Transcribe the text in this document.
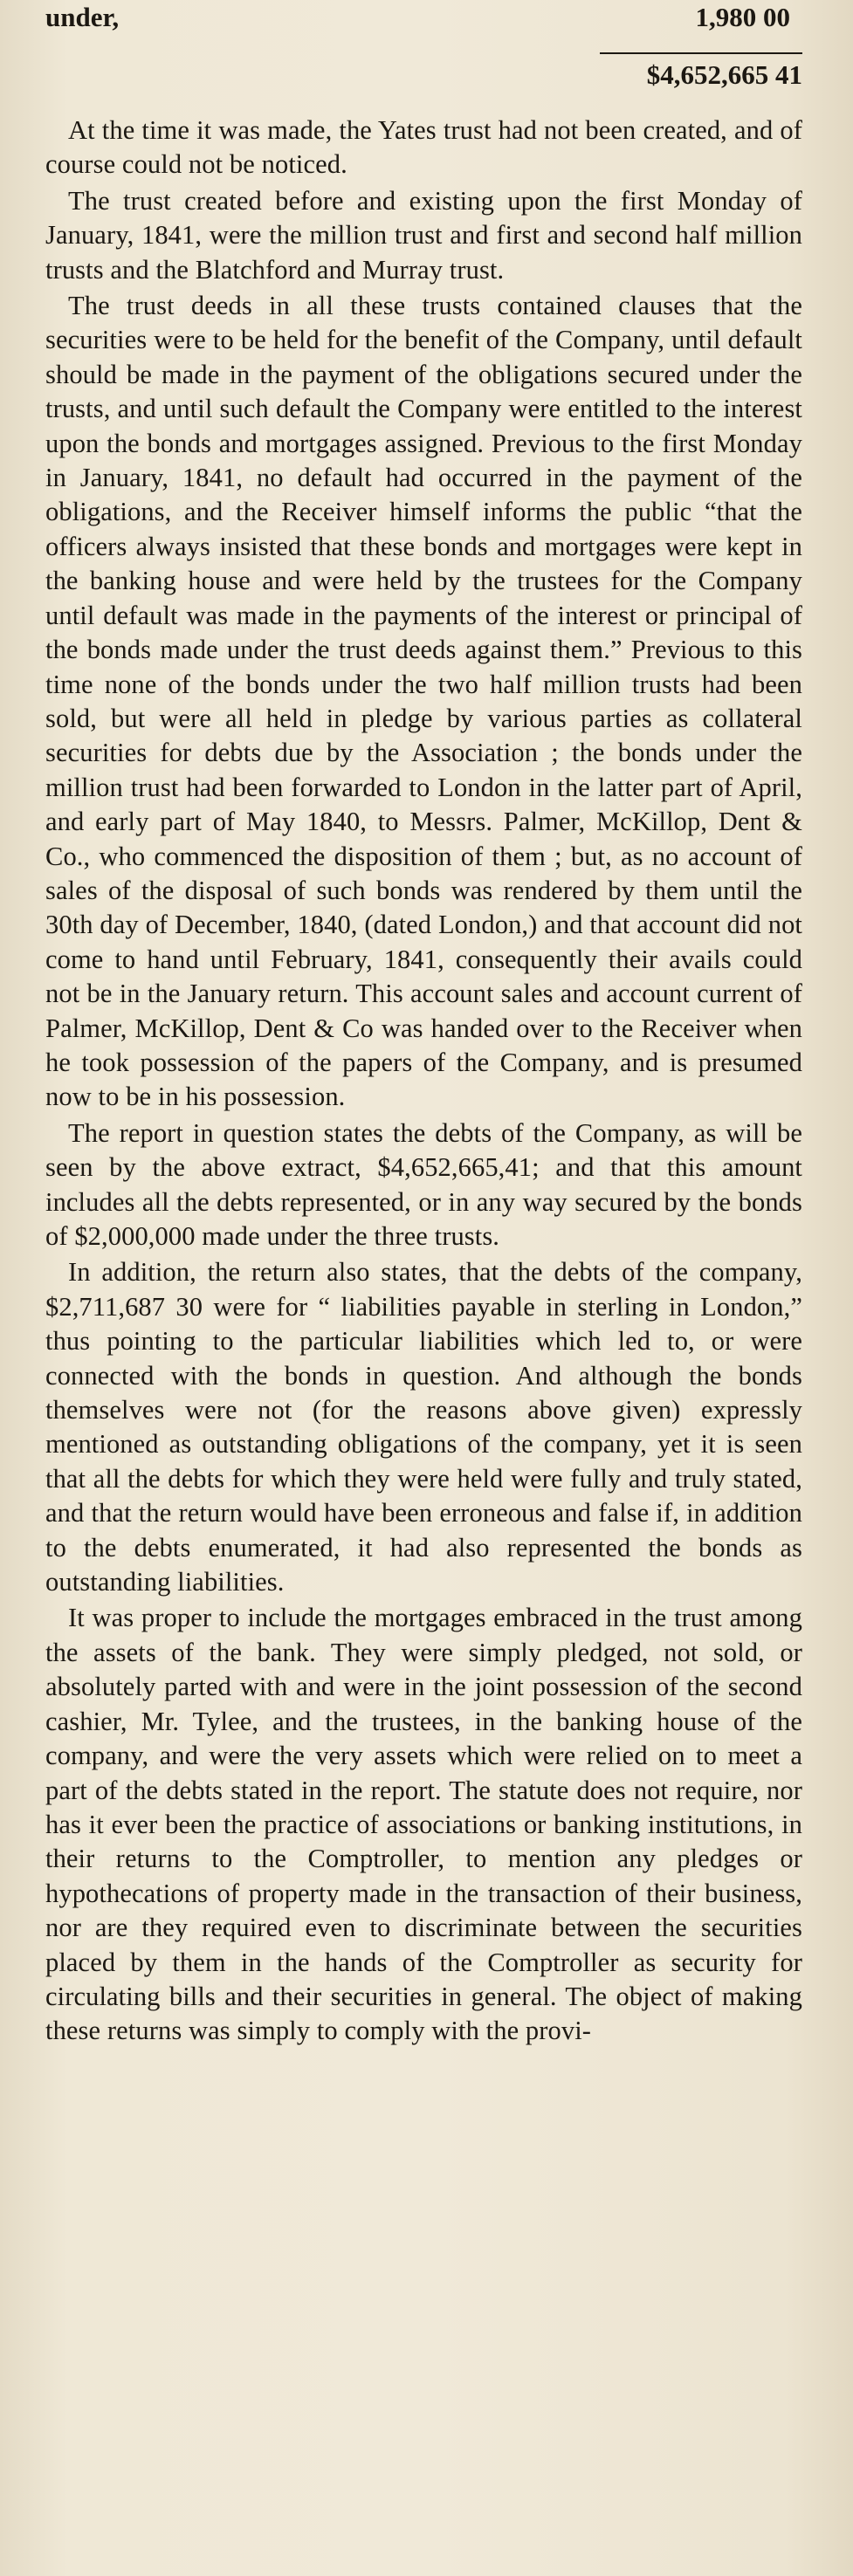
under,	1,980 00
$4,652,665 41

At the time it was made, the Yates trust had not been created, and of course could not be noticed.

The trust created before and existing upon the first Monday of January, 1841, were the million trust and first and second half million trusts and the Blatchford and Murray trust.

The trust deeds in all these trusts contained clauses that the securities were to be held for the benefit of the Company, until default should be made in the payment of the obligations secured under the trusts, and until such default the Company were entitled to the interest upon the bonds and mortgages assigned. Previous to the first Monday in January, 1841, no default had occurred in the payment of the obligations, and the Receiver himself informs the public “that the officers always insisted that these bonds and mortgages were kept in the banking house and were held by the trustees for the Company until default was made in the payments of the interest or principal of the bonds made under the trust deeds against them.” Previous to this time none of the bonds under the two half million trusts had been sold, but were all held in pledge by various parties as collateral securities for debts due by the Association ; the bonds under the million trust had been forwarded to London in the latter part of April, and early part of May 1840, to Messrs. Palmer, McKillop, Dent & Co., who commenced the disposition of them ; but, as no account of sales of the disposal of such bonds was rendered by them until the 30th day of December, 1840, (dated London,) and that account did not come to hand until February, 1841, consequently their avails could not be in the January return. This account sales and account current of Palmer, McKillop, Dent & Co was handed over to the Receiver when he took possession of the papers of the Company, and is presumed now to be in his possession.

The report in question states the debts of the Company, as will be seen by the above extract, $4,652,665,41; and that this amount includes all the debts represented, or in any way secured by the bonds of $2,000,000 made under the three trusts.

In addition, the return also states, that the debts of the company, $2,711,687 30 were for “ liabilities payable in sterling in London,” thus pointing to the particular liabilities which led to, or were connected with the bonds in question. And although the bonds themselves were not (for the reasons above given) expressly mentioned as outstanding obligations of the company, yet it is seen that all the debts for which they were held were fully and truly stated, and that the return would have been erroneous and false if, in addition to the debts enumerated, it had also represented the bonds as outstanding liabilities.

It was proper to include the mortgages embraced in the trust among the assets of the bank. They were simply pledged, not sold, or absolutely parted with and were in the joint possession of the second cashier, Mr. Tylee, and the trustees, in the banking house of the company, and were the very assets which were relied on to meet a part of the debts stated in the report. The statute does not require, nor has it ever been the practice of associations or banking institutions, in their returns to the Comptroller, to mention any pledges or hypothecations of property made in the transaction of their business, nor are they required even to discriminate between the securities placed by them in the hands of the Comptroller as security for circulating bills and their securities in general. The object of making these returns was simply to comply with the provi-
